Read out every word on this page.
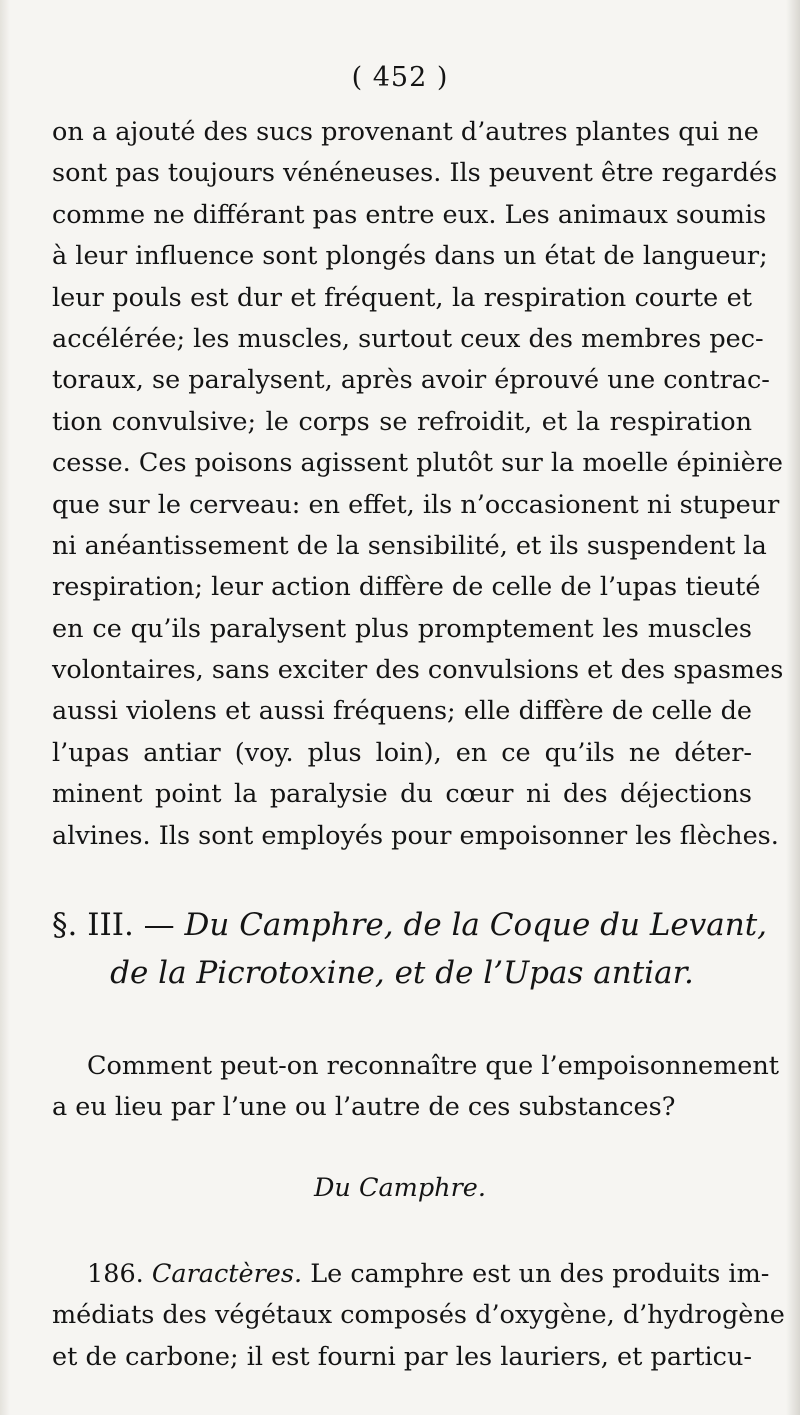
( 452 )
on a ajouté des sucs provenant d’autres plantes qui ne
sont pas toujours vénéneuses. Ils peuvent être regardés
comme ne différant pas entre eux. Les animaux soumis
à leur influence sont plongés dans un état de langueur;
leur pouls est dur et fréquent, la respiration courte et
accélérée; les muscles, surtout ceux des membres pec-
toraux, se paralysent, après avoir éprouvé une contrac-
tion convulsive; le corps se refroidit, et la respiration
cesse. Ces poisons agissent plutôt sur la moelle épinière
que sur le cerveau: en effet, ils n’occasionent ni stupeur
ni anéantissement de la sensibilité, et ils suspendent la
respiration; leur action diffère de celle de l’upas tieuté
en ce qu’ils paralysent plus promptement les muscles
volontaires, sans exciter des convulsions et des spasmes
aussi violens et aussi fréquens; elle diffère de celle de
l’upas antiar (voy. plus loin), en ce qu’ils ne déter-
minent point la paralysie du cœur ni des déjections
alvines. Ils sont employés pour empoisonner les flèches.
§. III. — Du Camphre, de la Coque du Levant,
de la Picrotoxine, et de l’Upas antiar.
Comment peut-on reconnaître que l’empoisonnement
a eu lieu par l’une ou l’autre de ces substances?
Du Camphre.
186. Caractères. Le camphre est un des produits im-
médiats des végétaux composés d’oxygène, d’hydrogène
et de carbone; il est fourni par les lauriers, et particu-
